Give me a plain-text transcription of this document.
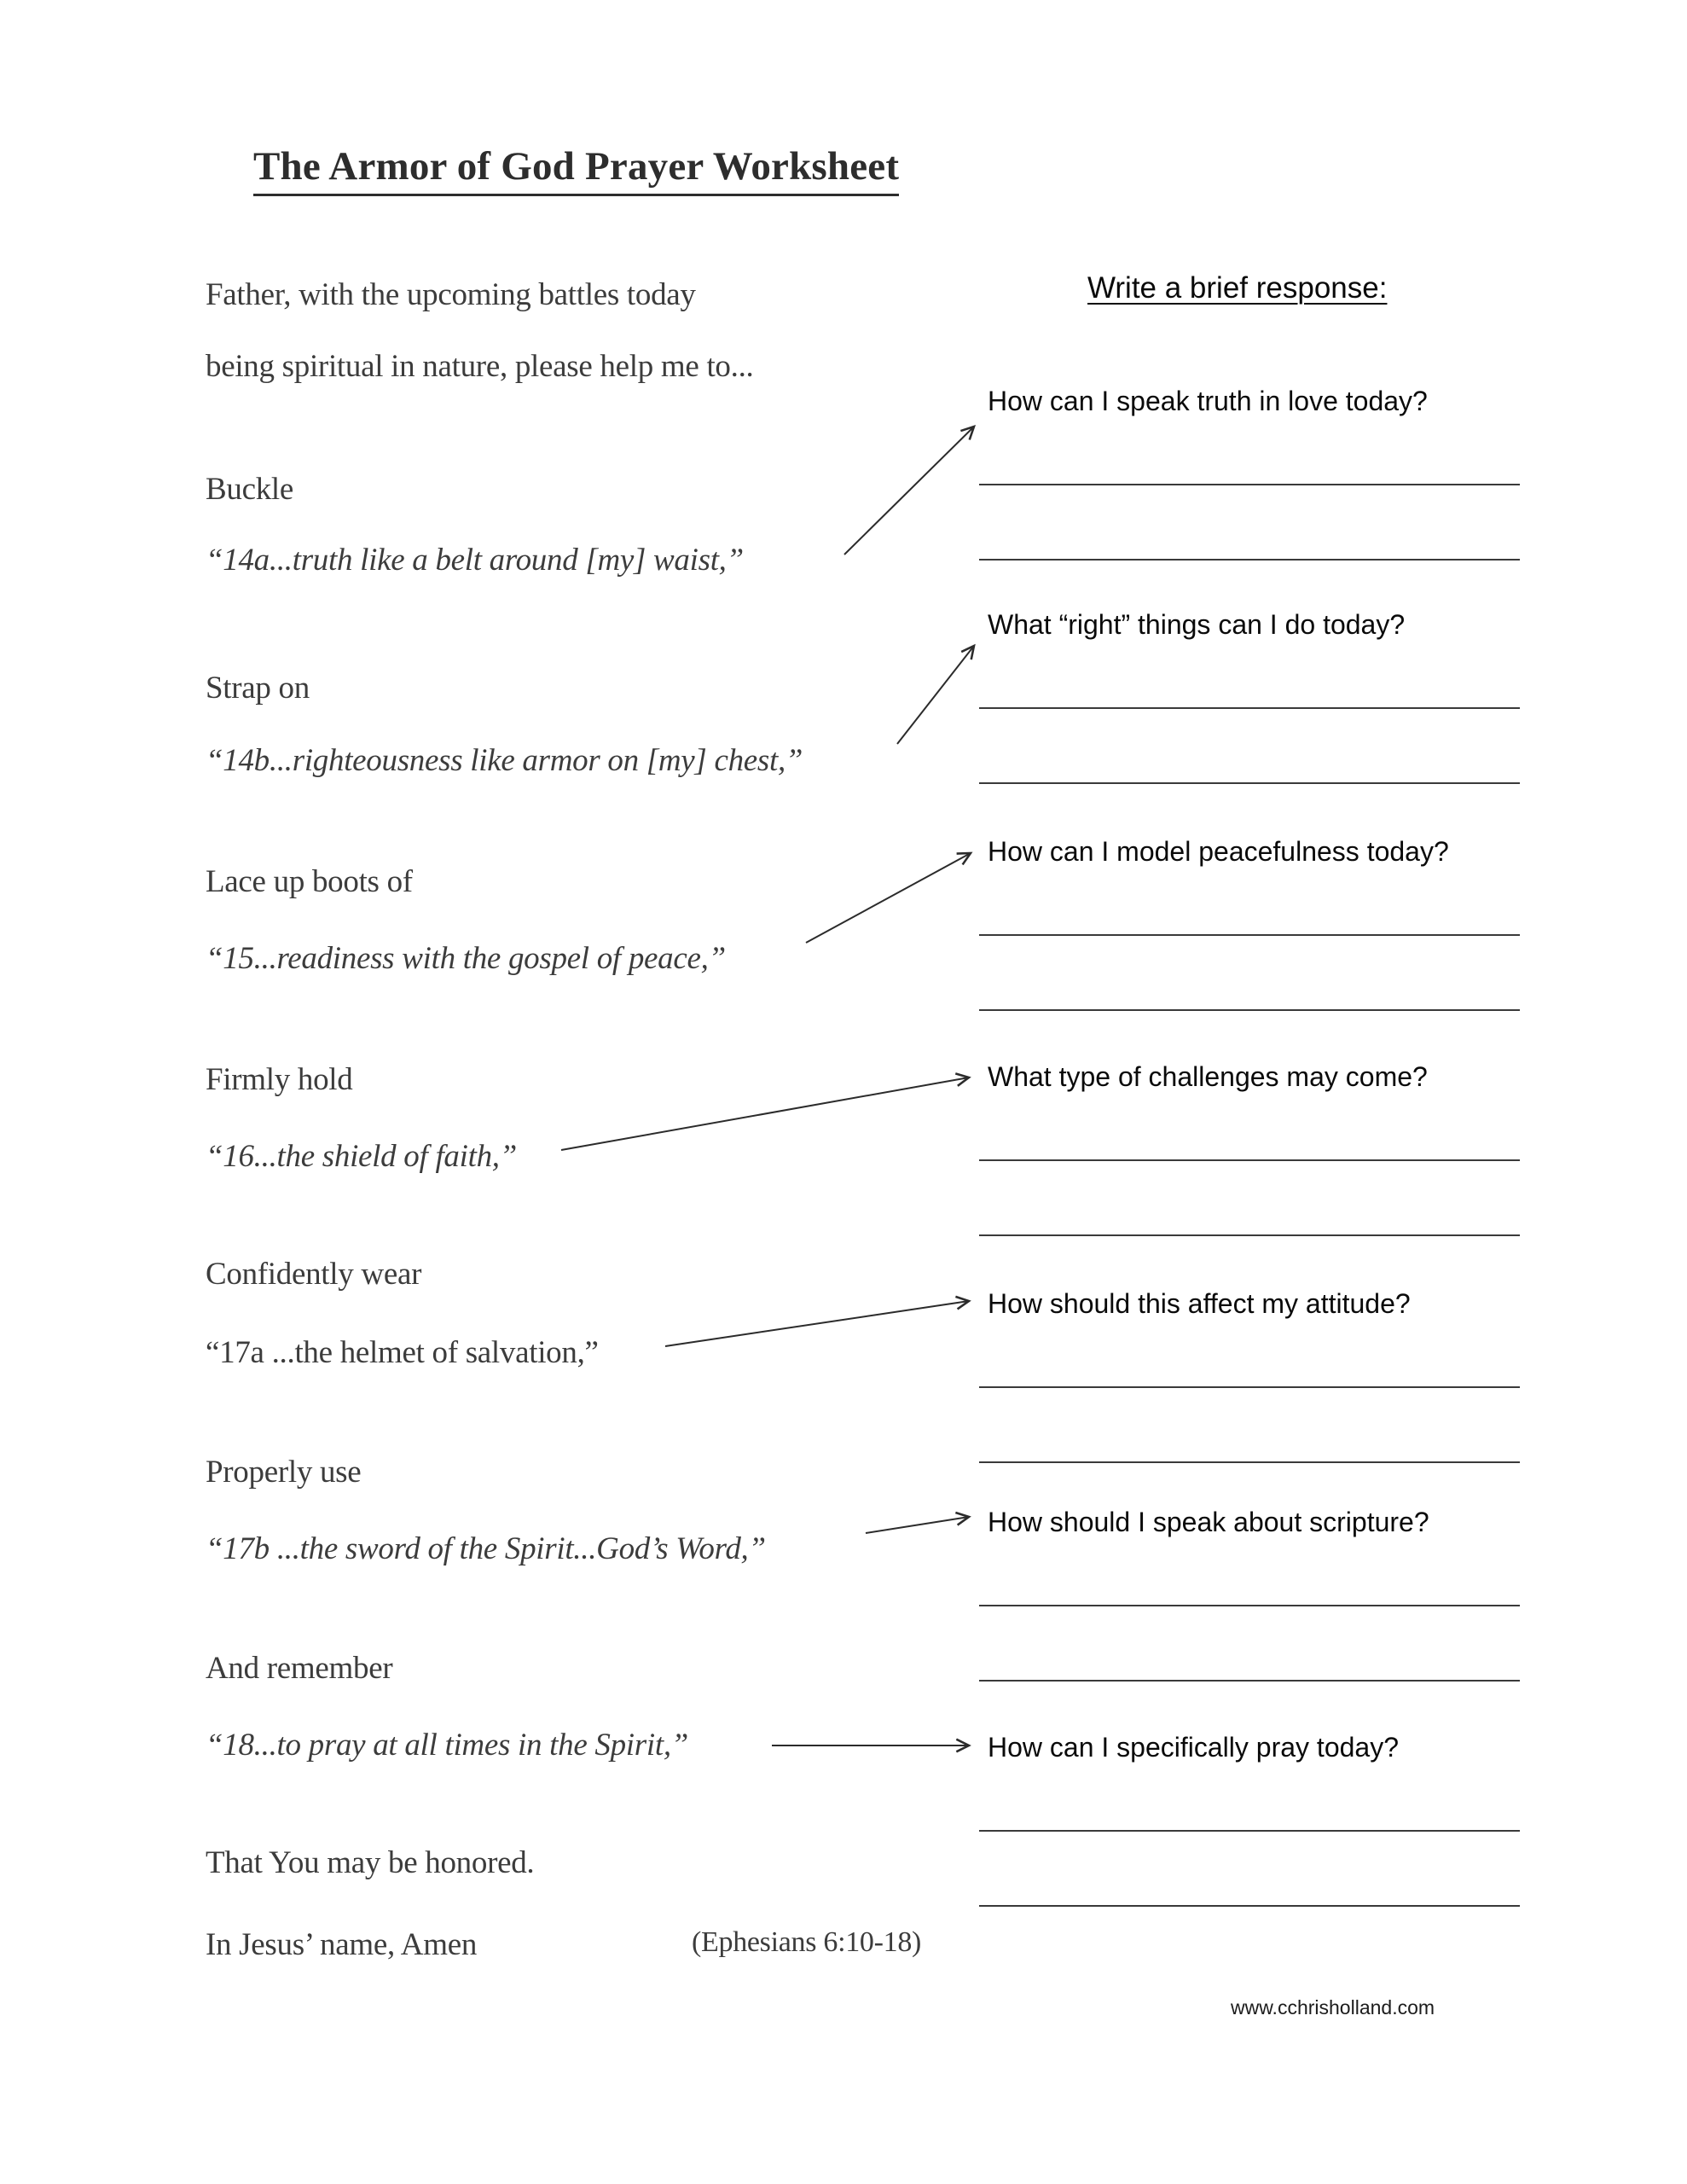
The Armor of God Prayer Worksheet
Father, with the upcoming battles today
being spiritual in nature, please help me to...
Write a brief response:
Buckle
“14a...truth like a belt around [my] waist,”
Strap on
“14b...righteousness like armor on [my] chest,”
Lace up boots of
“15...readiness with the gospel of peace,”
Firmly hold
“16...the shield of faith,”
Confidently wear
“17a ...the helmet of salvation,”
Properly use
“17b ...the sword of the Spirit...God’s Word,”
And remember
“18...to pray at all times in the Spirit,”
How can I speak truth in love today?
What “right” things can I do today?
How can I model peacefulness today?
What type of challenges may come?
How should this affect my attitude?
How should I speak about scripture?
How can I specifically pray today?
That You may be honored.
In Jesus’ name, Amen	(Ephesians 6:10-18)
www.cchrisholland.com
